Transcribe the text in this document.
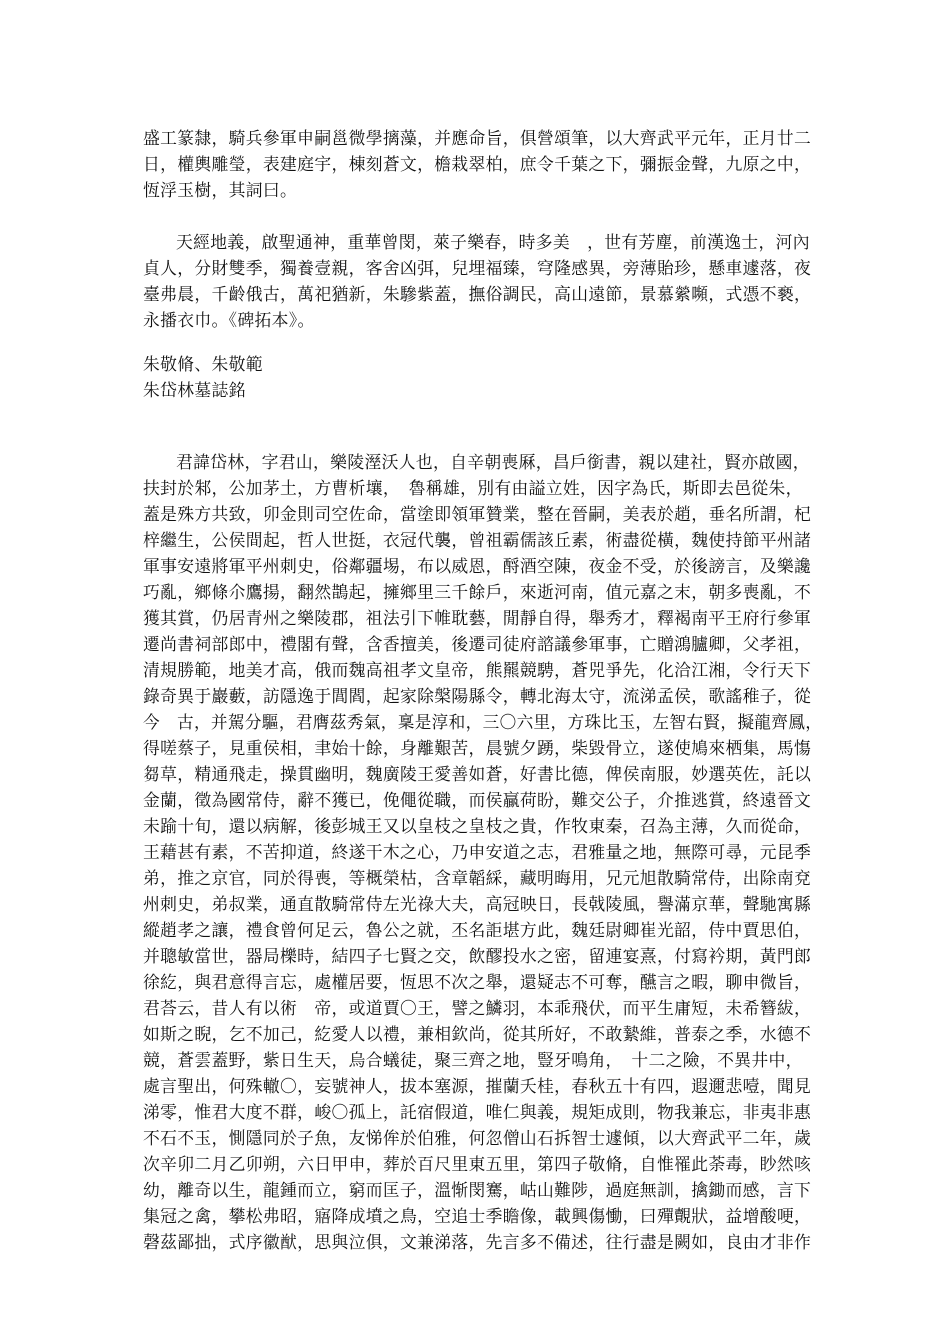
盛工篆隸，騎兵參軍申嗣邕微學摛藻，并應命旨，俱營頌筆，以大齊武平元年，正月廿二
日，權輿雕瑩，表建庭宇，棟刻蒼文，檐栽翠柏，庶令千葉之下，彌振金聲，九原之中，
恆浮玉樹，其詞曰。
天經地義，啟聖通神，重華曾閔，萊子樂春，時多美　，世有芳塵，前漢逸士，河內
貞人，分財雙季，獨養壹親，客舍凶弭，兒埋福臻，穹隆感異，旁薄貽珍，懸車遽落，夜
臺弗晨，千齡俄古，萬祀猶新，朱驂紫蓋，撫俗調民，高山遠節，景慕縈嚬，式憑不褻，
永播衣巾。《碑拓本》。
朱敬脩、朱敬範
朱岱林墓誌銘
君諱岱林，字君山，樂陵溼沃人也，自辛朝喪厤，昌戶銜書，親以建社，賢亦啟國，
扶封於邾，公加茅土，方曹析壤，　魯稱雄，別有由謚立姓，因字為氏，斯即去邑從朱，
蓋是殊方共致，卯金則司空佐命，當塗即領軍贊業，整在晉嗣，美表於趙，垂名所謂，杞
梓繼生，公侯間起，哲人世挺，衣冠代襲，曾祖霸儒該丘素，術盡從橫，魏使持節平州諸
軍事安遠將軍平州刺史，俗鄰疆埸，布以威恩，酹酒空陳，夜金不受，於後謗言，及樂讒
巧亂，鄉條尒鷹揚，翻然鵲起，擁鄉里三千餘戶，來逝河南，值元嘉之末，朝多喪亂，不
獲其賞，仍居青州之樂陵郡，祖法引下帷耽藝，閒靜自得，舉秀才，釋褐南平王府行參軍
遷尚書祠部郎中，禮閣有聲，含香擅美，後遷司徒府諮議參軍事，亡贈鴻臚卿，父孝祖，
清規勝範，地美才高，俄而魏高祖孝文皇帝，熊羆競騁，蒼兕爭先，化洽江湘，令行天下
錄奇異于巖藪，訪隱逸于閭閻，起家除槃陽縣令，轉北海太守，流涕孟侯，歌謠稚子，從
今　古，并駕分驅，君膺茲秀氣，稟是淳和，三〇六里，方珠比玉，左智右賢，擬龍齊鳳，
得嗟蔡子，見重侯相，聿始十餘，身離艱苦，晨號夕踴，柴毀骨立，遂使鳩來栖集，馬慯
芻草，精通飛走，操貫幽明，魏廣陵王愛善如蒼，好書比德，俾侯南服，妙選英佐，託以
金蘭，徵為國常侍，辭不獲已，俛僶從職，而侯贏荷盼，難交公子，介推逃賞，終遠晉文
未踰十旬，還以病解，後彭城王又以皇枝之皇枝之貴，作牧東秦，召為主薄，久而從命，
王藉甚有素，不苦抑道，終遂干木之心，乃申安道之志，君雅量之地，無際可尋，元昆季
弟，推之京官，同於得喪，等概榮枯，含章韜綵，藏明晦用，兄元旭散騎常侍，出除南兗
州刺史，弟叔業，通直散騎常侍左光祿大夫，高冠映日，長戟陵風，譽滿京華，聲馳寓縣
縱趙孝之讓，禮食曾何足云，魯公之就，丕名詎堪方此，魏廷尉卿崔光韶，侍中賈思伯，
并聰敏當世，器局櫟時，結四子七賢之交，飲醪投水之密，留連宴熹，付寫衿期，黃門郎
徐紇，與君意得言忘，處權居要，恆思不次之舉，還疑志不可奪，醼言之暇，聊申微旨，
君荅云，昔人有以術　帝，或道賈〇王，譬之鱗羽，本乖飛伏，而平生庸短，未希簪紱，
如斯之睨，乞不加己，紇愛人以禮，兼相欽尚，從其所好，不敢縶維，普泰之季，水德不
競，蒼雲蓋野，紫日生天，烏合蟻徒，聚三齊之地，豎牙鳴角，　十二之險，不異井中，
處言聖出，何殊轍〇，妄號神人，拔本塞源，摧蘭夭桂，春秋五十有四，遐邇悲噎，聞見
涕零，惟君大度不群，峻〇孤上，託宿假道，唯仁與義，規矩成則，物我兼忘，非夷非惠
不石不玉，惻隱同於子魚，友悌侔於伯雅，何忽僧山石拆智士遽傾，以大齊武平二年，歲
次辛卯二月乙卯朔，六日甲申，葬於百尺里東五里，第四子敬脩，自惟罹此荼毒，眇然咳
幼，離奇以生，龍鍾而立，窮而匡子，溫惭閔騫，岵山難陟，過庭無訓，擒鋤而感，言下
集冠之禽，攀松弗昭，寤降成墳之鳥，空追士季瞻像，載興傷慟，曰殫覿狀，益增酸哽，
磬茲鄙拙，式序徽猷，思與泣俱，文兼涕落，先言多不備述，往行盡是闕如，良由才非作
